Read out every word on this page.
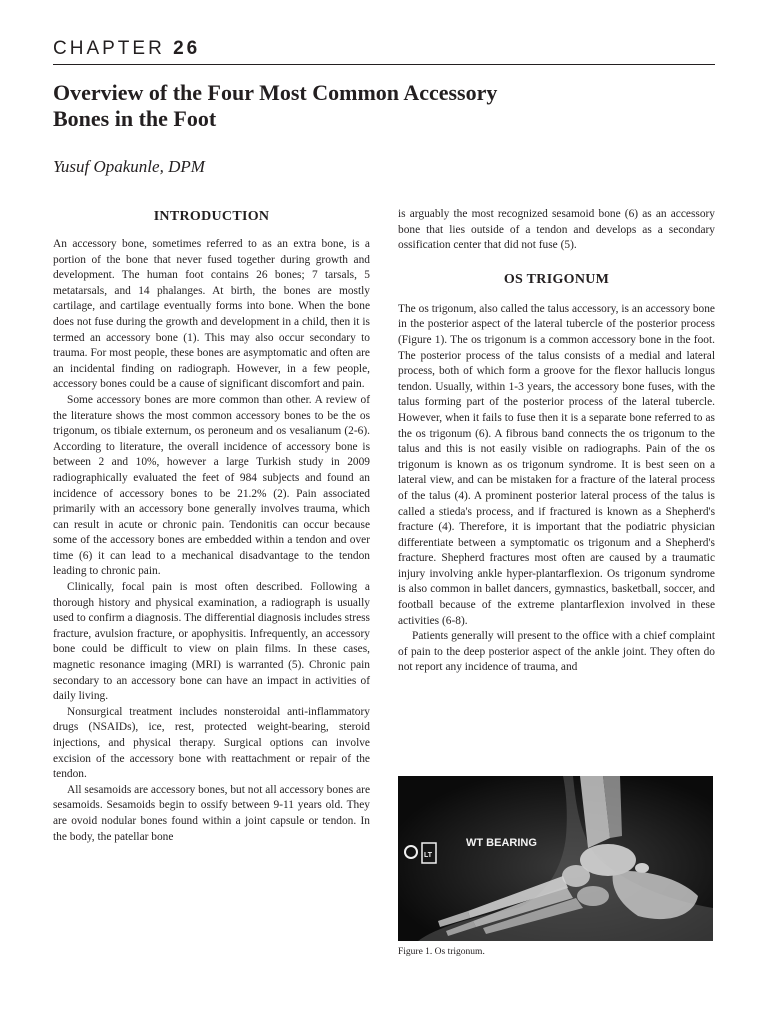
CHAPTER 26
Overview of the Four Most Common Accessory
Bones in the Foot
Yusuf Opakunle, DPM
INTRODUCTION

An accessory bone, sometimes referred to as an extra bone, is a portion of the bone that never fused together during growth and development. The human foot contains 26 bones; 7 tarsals, 5 metatarsals, and 14 phalanges. At birth, the bones are mostly cartilage, and cartilage eventually forms into bone. When the bone does not fuse during the growth and development in a child, then it is termed an accessory bone (1). This may also occur secondary to trauma. For most people, these bones are asymptomatic and often are an incidental finding on radiograph. However, in a few people, accessory bones could be a cause of significant discomfort and pain.

Some accessory bones are more common than other. A review of the literature shows the most common accessory bones to be the os trigonum, os tibiale externum, os peroneum and os vesalianum (2-6). According to literature, the overall incidence of accessory bone is between 2 and 10%, however a large Turkish study in 2009 radiographically evaluated the feet of 984 subjects and found an incidence of accessory bones to be 21.2% (2). Pain associated primarily with an accessory bone generally involves trauma, which can result in acute or chronic pain. Tendonitis can occur because some of the accessory bones are embedded within a tendon and over time (6) it can lead to a mechanical disadvantage to the tendon leading to chronic pain.

Clinically, focal pain is most often described. Following a thorough history and physical examination, a radiograph is usually used to confirm a diagnosis. The differential diagnosis includes stress fracture, avulsion fracture, or apophysitis. Infrequently, an accessory bone could be difficult to view on plain films. In these cases, magnetic resonance imaging (MRI) is warranted (5). Chronic pain secondary to an accessory bone can have an impact in activities of daily living.

Nonsurgical treatment includes nonsteroidal anti-inflammatory drugs (NSAIDs), ice, rest, protected weight-bearing, steroid injections, and physical therapy. Surgical options can involve excision of the accessory bone with reattachment or repair of the tendon.

All sesamoids are accessory bones, but not all accessory bones are sesamoids. Sesamoids begin to ossify between 9-11 years old. They are ovoid nodular bones found within a joint capsule or tendon. In the body, the patellar bone

is arguably the most recognized sesamoid bone (6) as an accessory bone that lies outside of a tendon and develops as a secondary ossification center that did not fuse (5).

OS TRIGONUM

The os trigonum, also called the talus accessory, is an accessory bone in the posterior aspect of the lateral tubercle of the posterior process (Figure 1). The os trigonum is a common accessory bone in the foot. The posterior process of the talus consists of a medial and lateral process, both of which form a groove for the flexor hallucis longus tendon. Usually, within 1-3 years, the accessory bone fuses, with the talus forming part of the posterior process of the lateral tubercle. However, when it fails to fuse then it is a separate bone referred to as the os trigonum (6). A fibrous band connects the os trigonum to the talus and this is not easily visible on radiographs. Pain of the os trigonum is known as os trigonum syndrome. It is best seen on a lateral view, and can be mistaken for a fracture of the lateral process of the talus (4). A prominent posterior lateral process of the talus is called a stieda's process, and if fractured is known as a Shepherd's fracture (4). Therefore, it is important that the podiatric physician differentiate between a symptomatic os trigonum and a Shepherd's fracture. Shepherd fractures most often are caused by a traumatic injury involving ankle hyper-plantarflexion. Os trigonum syndrome is also common in ballet dancers, gymnastics, basketball, soccer, and football because of the extreme plantarflexion involved in these activities (6-8).

Patients generally will present to the office with a chief complaint of pain to the deep posterior aspect of the ankle joint. They often do not report any incidence of trauma, and

LT
WT BEARING
Figure 1. Os trigonum.
